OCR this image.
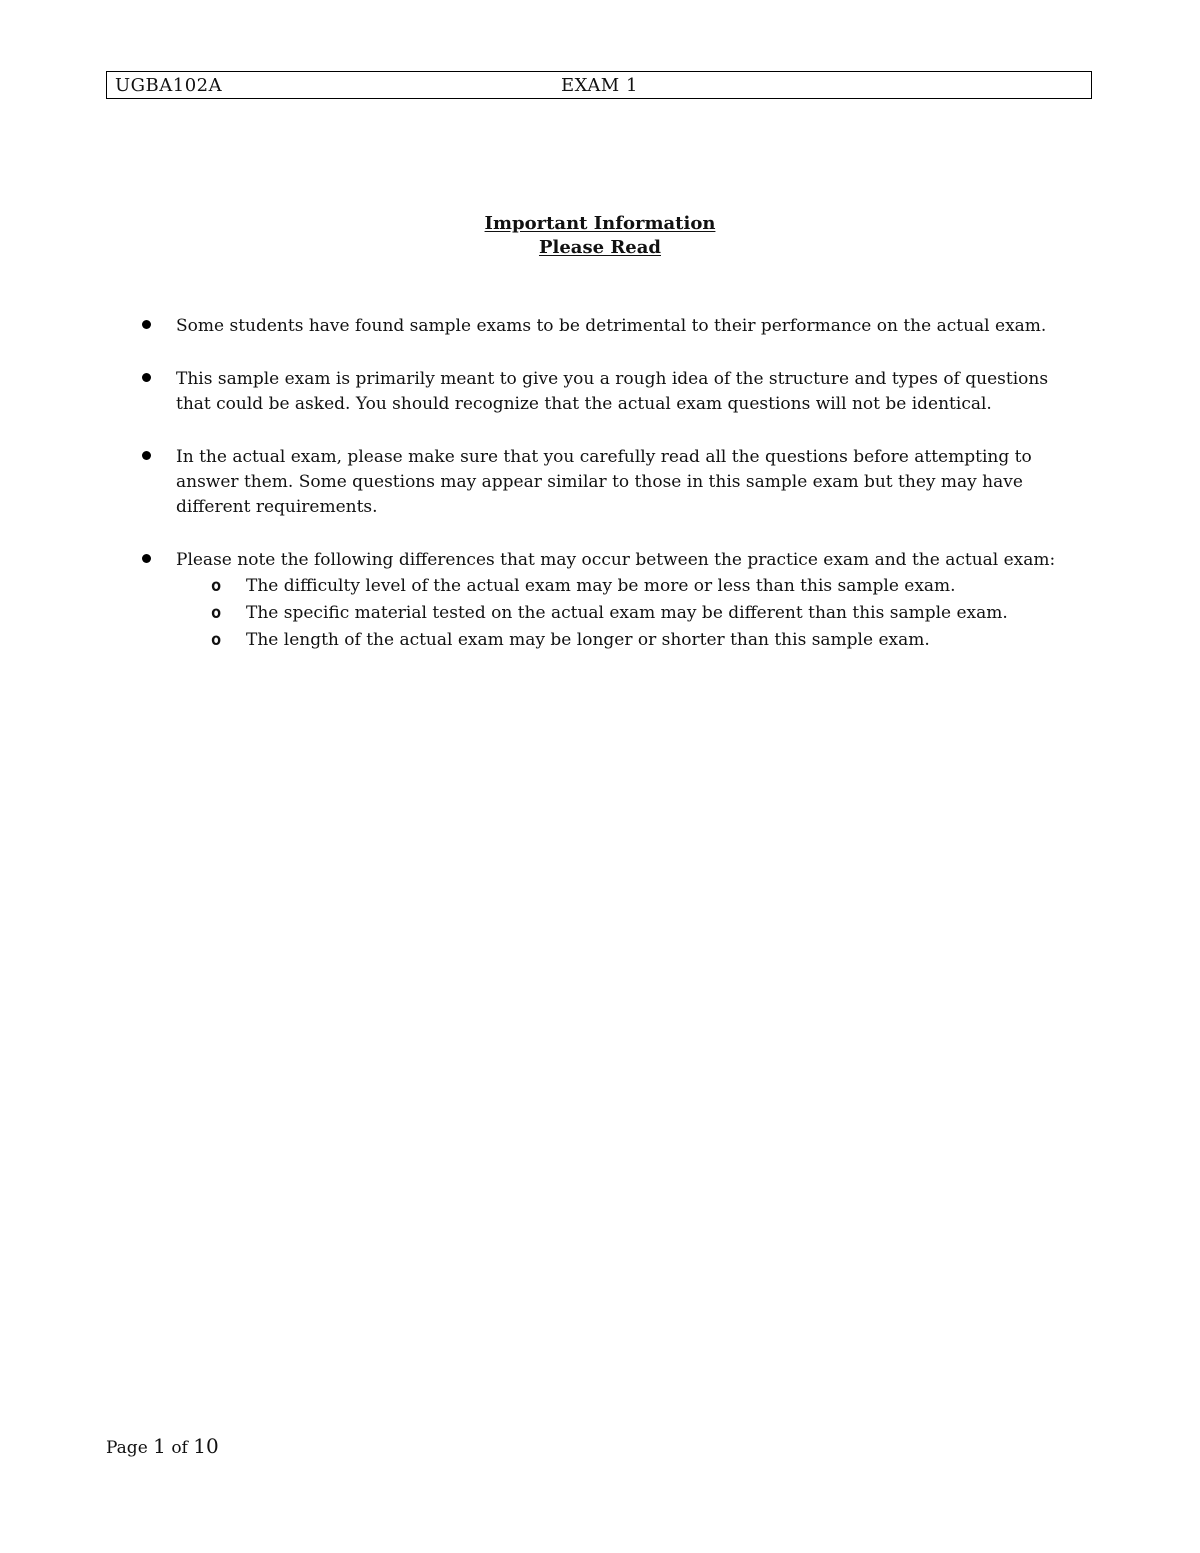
UGBA102A	EXAM 1
Important Information
Please Read
Some students have found sample exams to be detrimental to their performance on the actual exam.
This sample exam is primarily meant to give you a rough idea of the structure and types of questions that could be asked. You should recognize that the actual exam questions will not be identical.
In the actual exam, please make sure that you carefully read all the questions before attempting to answer them. Some questions may appear similar to those in this sample exam but they may have different requirements.
Please note the following differences that may occur between the practice exam and the actual exam:
o The difficulty level of the actual exam may be more or less than this sample exam.
o The specific material tested on the actual exam may be different than this sample exam.
o The length of the actual exam may be longer or shorter than this sample exam.
Page 1 of 10
